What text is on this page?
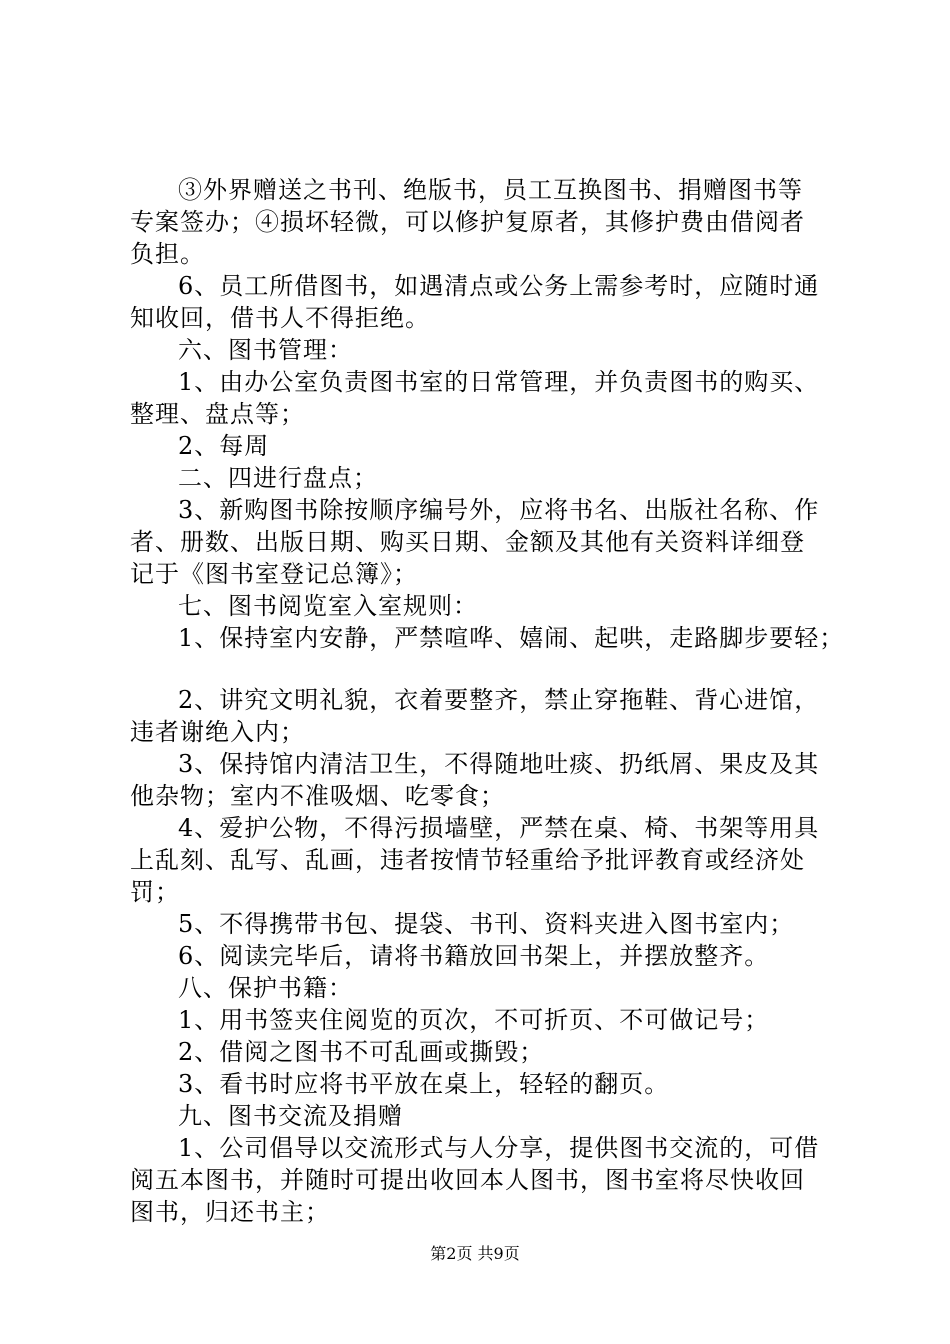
③外界赠送之书刊、绝版书，员工互换图书、捐赠图书等
专案签办；④损坏轻微，可以修护复原者，其修护费由借阅者
负担。
6、员工所借图书，如遇清点或公务上需参考时，应随时通
知收回，借书人不得拒绝。
六、图书管理：
1、由办公室负责图书室的日常管理，并负责图书的购买、
整理、盘点等；
2、每周
二、四进行盘点；
3、新购图书除按顺序编号外，应将书名、出版社名称、作
者、册数、出版日期、购买日期、金额及其他有关资料详细登
记于《图书室登记总簿》；
七、图书阅览室入室规则：
1、保持室内安静，严禁喧哗、嬉闹、起哄，走路脚步要轻；
2、讲究文明礼貌，衣着要整齐，禁止穿拖鞋、背心进馆，
违者谢绝入内；
3、保持馆内清洁卫生，不得随地吐痰、扔纸屑、果皮及其
他杂物；室内不准吸烟、吃零食；
4、爱护公物，不得污损墙壁，严禁在桌、椅、书架等用具
上乱刻、乱写、乱画，违者按情节轻重给予批评教育或经济处
罚；
5、不得携带书包、提袋、书刊、资料夹进入图书室内；
6、阅读完毕后，请将书籍放回书架上，并摆放整齐。
八、保护书籍：
1、用书签夹住阅览的页次，不可折页、不可做记号；
2、借阅之图书不可乱画或撕毁；
3、看书时应将书平放在桌上，轻轻的翻页。
九、图书交流及捐赠
1、公司倡导以交流形式与人分享，提供图书交流的，可借
阅五本图书，并随时可提出收回本人图书，图书室将尽快收回
图书，归还书主；
第2页 共9页
